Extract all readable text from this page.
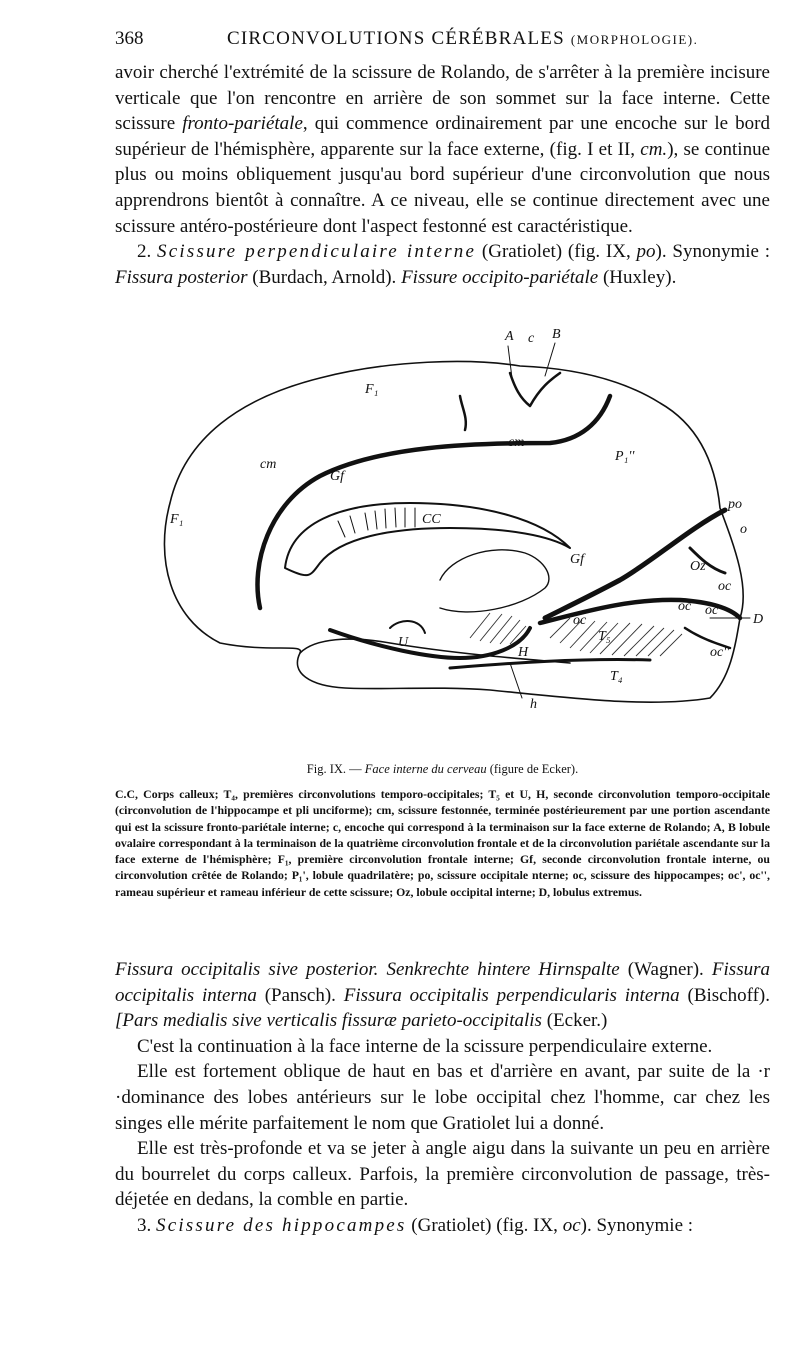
368	CIRCONVOLUTIONS CÉRÉBRALES (MORPHOLOGIE).

avoir cherché l'extrémité de la scissure de Rolando, de s'arrêter à la première incisure verticale que l'on rencontre en arrière de son sommet sur la face interne. Cette scissure fronto-pariétale, qui commence ordinairement par une encoche sur le bord supérieur de l'hémisphère, apparente sur la face externe, (fig. I et II, cm.), se continue plus ou moins obliquement jusqu'au bord supérieur d'une circonvolution que nous apprendrons bientôt à connaître. A ce niveau, elle se continue directement avec une scissure antéro-postérieure dont l'aspect festonné est caractéristique.

2. Scissure perpendiculaire interne (Gratiolet) (fig. IX, po). Synonymie : Fissura posterior (Burdach, Arnold). Fissure occipito-pariétale (Huxley).

A c B
F₁
F₁
cm
cm
Gf
Gf
CC
P₁''
po
o
Oz
oc
oc
oc
oc'
oc''
D
T₅
U
H
T₄
h
Fig. IX. — Face interne du cerveau (figure de Ecker).
C.C, Corps calleux; T₄, premières circonvolutions temporo-occipitales; T₅ et U, H, seconde circonvolution temporo-occipitale (circonvolution de l'hippocampe et pli unciforme); cm, scissure festonnée, terminée postérieurement par une portion ascendante qui est la scissure fronto-pariétale interne; c, encoche qui correspond à la terminaison sur la face externe de Rolando; A, B lobule ovalaire correspondant à la terminaison de la quatrième circonvolution frontale et de la circonvolution pariétale ascendante sur la face externe de l'hémisphère; F₁, première circonvolution frontale interne; Gf, seconde circonvolution frontale interne, ou circonvolution crêtée de Rolando; P₁', lobule quadrilatère; po, scissure occipitale nterne; oc, scissure des hippocampes; oc', oc'', rameau supérieur et rameau inférieur de cette scissure; Oz, lobule occipital interne; D, lobulus extremus.

Fissura occipitalis sive posterior. Senkrechte hintere Hirnspalte (Wagner). Fissura occipitalis interna (Pansch). Fissura occipitalis perpendicularis interna (Bischoff). [Pars medialis sive verticalis fissuræ parieto-occipitalis (Ecker.)

C'est la continuation à la face interne de la scissure perpendiculaire externe.

Elle est fortement oblique de haut en bas et d'arrière en avant, par suite de la ·r ·dominance des lobes antérieurs sur le lobe occipital chez l'homme, car chez les singes elle mérite parfaitement le nom que Gratiolet lui a donné.

Elle est très-profonde et va se jeter à angle aigu dans la suivante un peu en arrière du bourrelet du corps calleux. Parfois, la première circonvolution de passage, très-déjetée en dedans, la comble en partie.

3. Scissure des hippocampes (Gratiolet) (fig. IX, oc). Synonymie :
